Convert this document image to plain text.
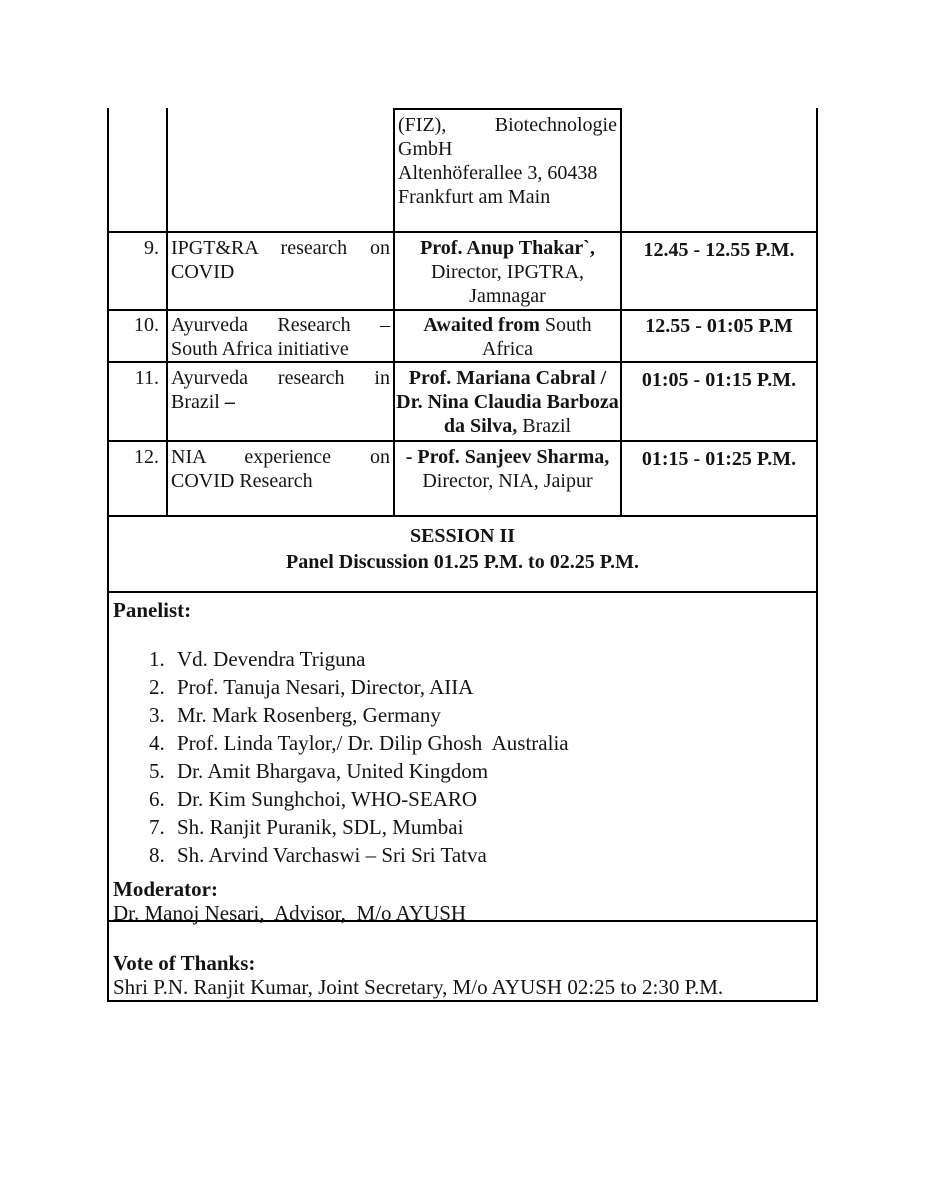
(FIZ), Biotechnologie
GmbH
Altenhöferallee 3, 60438
Frankfurt am Main
9. IPGT&RA research on
COVID
Prof. Anup Thakar`,
Director, IPGTRA,
Jamnagar
12.45 - 12.55 P.M.
10. Ayurveda Research –
South Africa initiative
Awaited from South Africa
12.55 - 01:05 P.M
11. Ayurveda research in
Brazil –
Prof. Mariana Cabral / Dr. Nina Claudia Barboza da Silva, Brazil
01:05 - 01:15 P.M.
12. NIA experience on
COVID Research
- Prof. Sanjeev Sharma,
Director, NIA, Jaipur
01:15 - 01:25 P.M.
SESSION II
Panel Discussion 01.25 P.M. to 02.25 P.M.
Panelist:
1. Vd. Devendra Triguna
2. Prof. Tanuja Nesari, Director, AIIA
3. Mr. Mark Rosenberg, Germany
4. Prof. Linda Taylor,/ Dr. Dilip Ghosh  Australia
5. Dr. Amit Bhargava, United Kingdom
6. Dr. Kim Sunghchoi, WHO-SEARO
7. Sh. Ranjit Puranik, SDL, Mumbai
8. Sh. Arvind Varchaswi – Sri Sri Tatva
Moderator:
Dr. Manoj Nesari,  Advisor,  M/o AYUSH
Vote of Thanks:
Shri P.N. Ranjit Kumar, Joint Secretary, M/o AYUSH 02:25 to 2:30 P.M.
